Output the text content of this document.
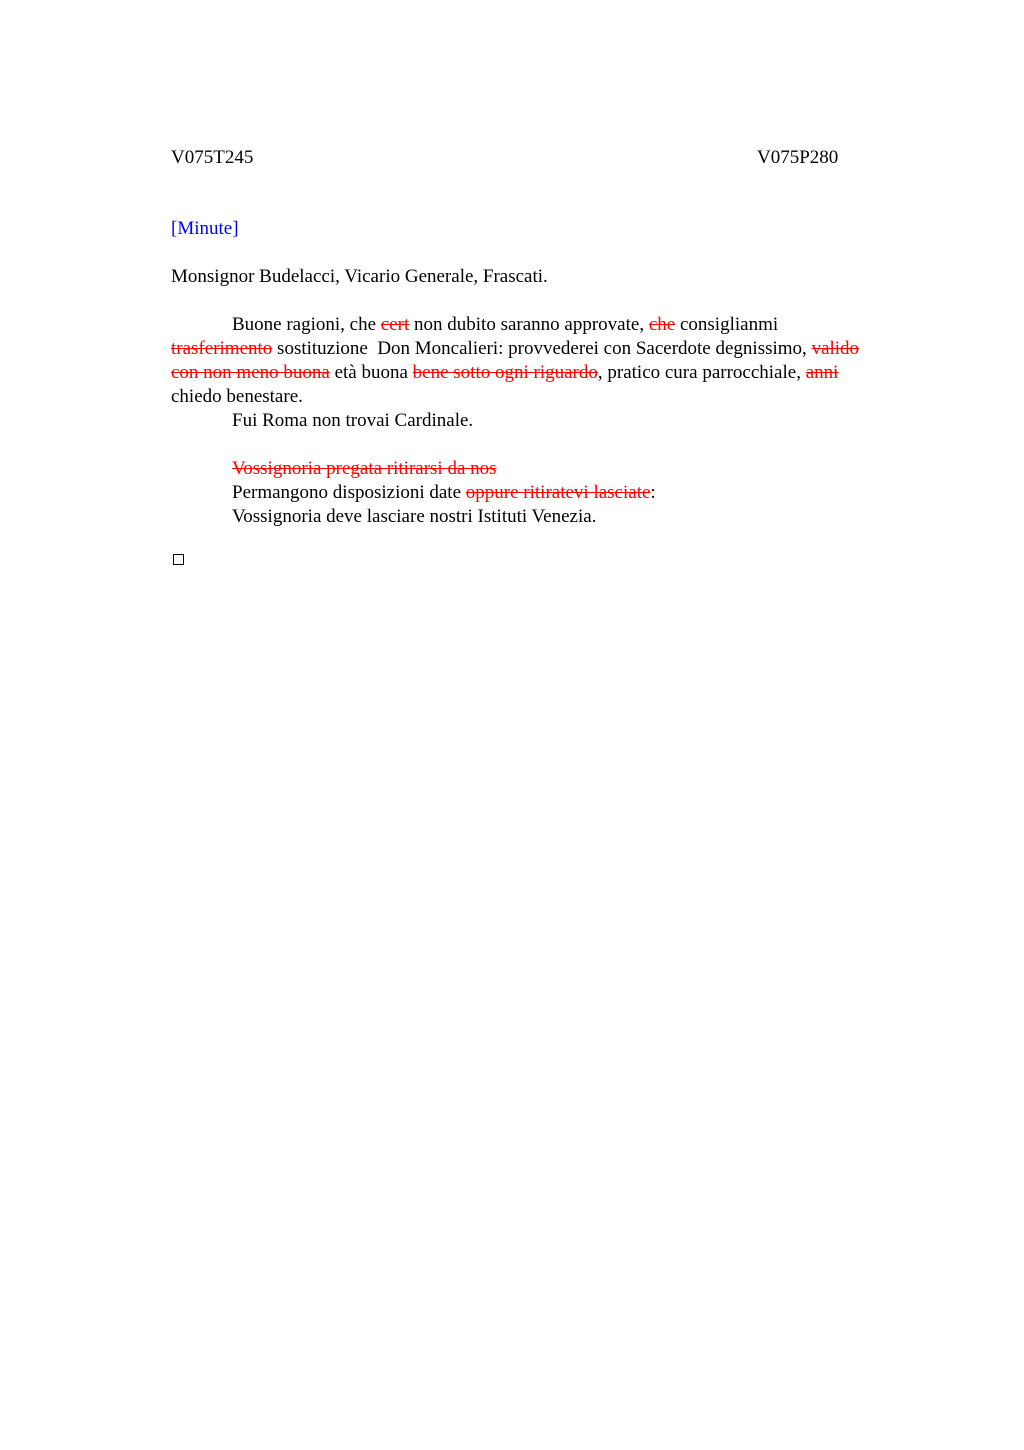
V075T245	V075P280
[Minute]
Monsignor Budelacci, Vicario Generale, Frascati.
Buone ragioni, che cert non dubito saranno approvate, che consiglianmi
trasferimento sostituzione  Don Moncalieri: provvederei con Sacerdote degnissimo, valido
con non meno buona età buona bene sotto ogni riguardo, pratico cura parrocchiale, anni
chiedo benestare.
Fui Roma non trovai Cardinale.
Vossignoria pregata ritirarsi da nos
Permangono disposizioni date oppure ritiratevi lasciate:
Vossignoria deve lasciare nostri Istituti Venezia.
